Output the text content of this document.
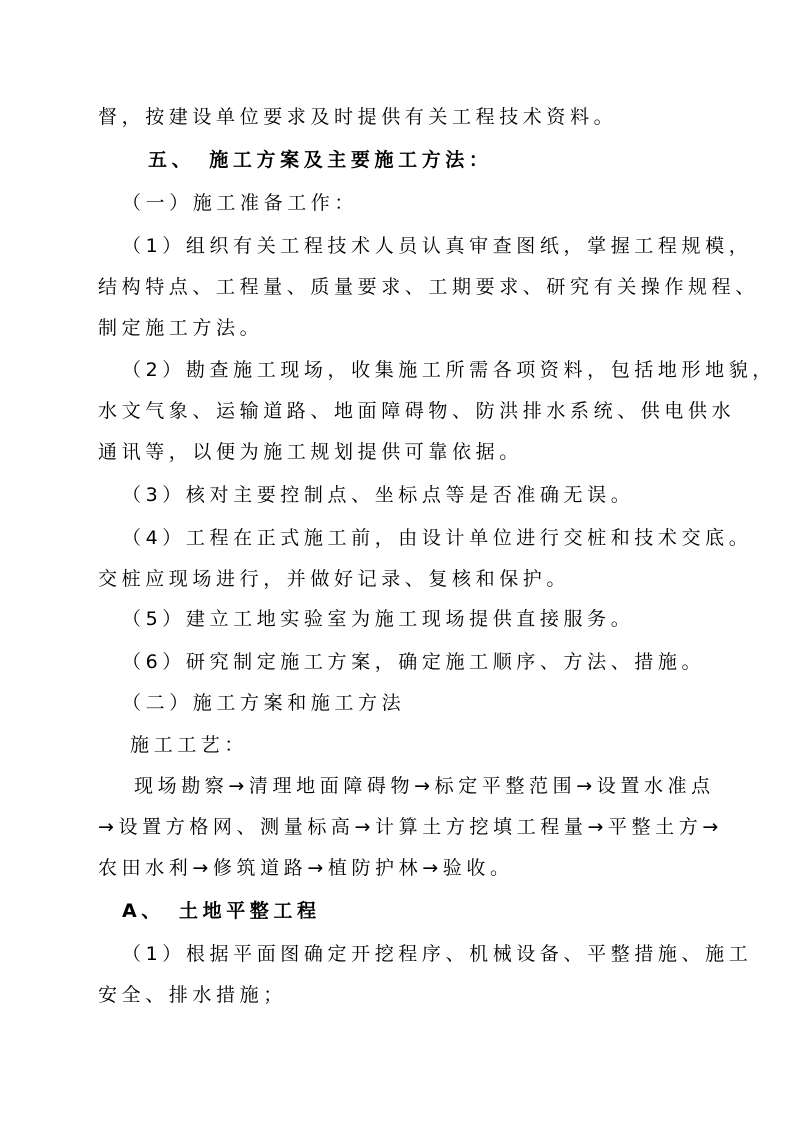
督，按建设单位要求及时提供有关工程技术资料。
五、　施工方案及主要施工方法：
（一）施工准备工作：
（1）组织有关工程技术人员认真审查图纸，掌握工程规模，
结构特点、工程量、质量要求、工期要求、研究有关操作规程、
制定施工方法。
（2）勘查施工现场，收集施工所需各项资料，包括地形地貌，
水文气象、运输道路、地面障碍物、防洪排水系统、供电供水
通讯等，以便为施工规划提供可靠依据。
（3）核对主要控制点、坐标点等是否准确无误。
（4）工程在正式施工前，由设计单位进行交桩和技术交底。
交桩应现场进行，并做好记录、复核和保护。
（5）建立工地实验室为施工现场提供直接服务。
（6）研究制定施工方案，确定施工顺序、方法、措施。
（二）施工方案和施工方法
施工工艺：
现场勘察→清理地面障碍物→标定平整范围→设置水准点
→设置方格网、测量标高→计算土方挖填工程量→平整土方→
农田水利→修筑道路→植防护林→验收。
A、　土地平整工程
（1）根据平面图确定开挖程序、机械设备、平整措施、施工
安全、排水措施；
